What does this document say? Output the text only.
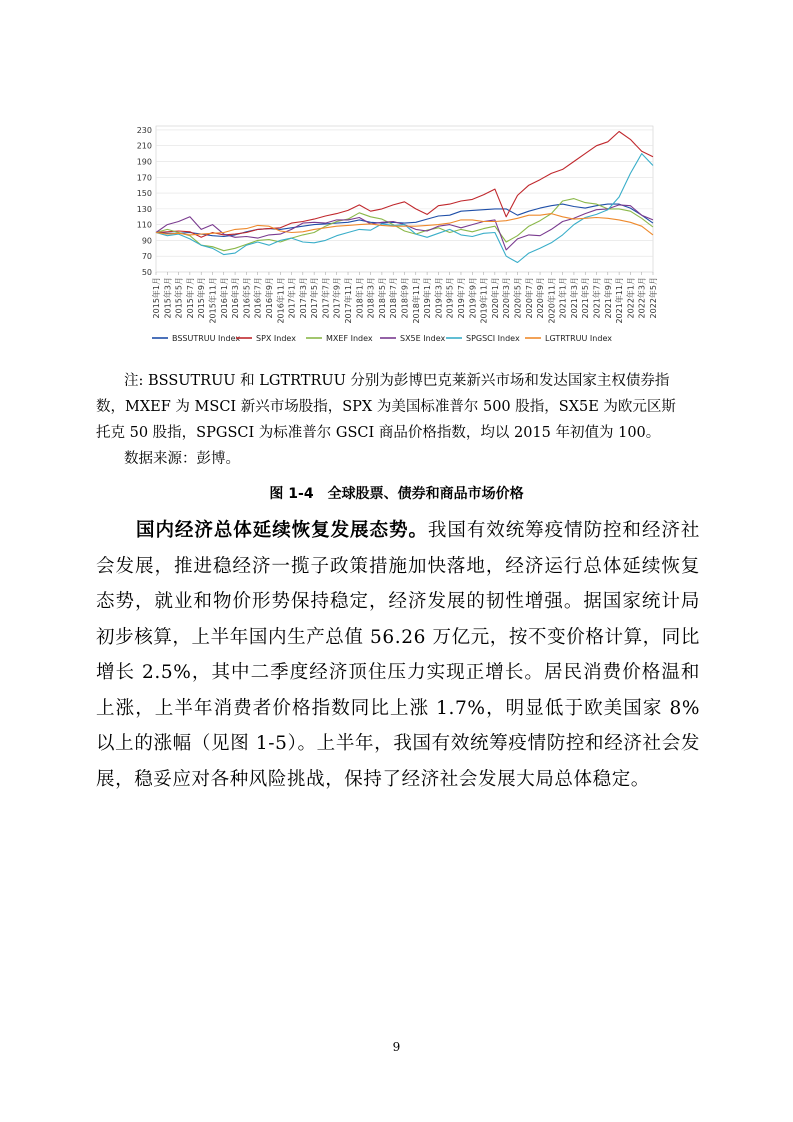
50
70
90
110
130
150
170
190
210
230
2015年1月 2015年3月 2015年5月 2015年7月 2015年9月 2015年11月 2016年1月 2016年3月 2016年5月 2016年7月 2016年9月 2016年11月 2017年1月 2017年3月 2017年5月 2017年7月 2017年9月 2017年11月 2018年1月 2018年3月 2018年5月 2018年7月 2018年9月 2018年11月 2019年1月 2019年3月 2019年5月 2019年7月 2019年9月 2019年11月 2020年1月 2020年3月 2020年5月 2020年7月 2020年9月 2020年11月 2021年1月 2021年3月 2021年5月 2021年7月 2021年9月 2021年11月 2022年1月 2022年3月 2022年5月
BSSUTRUU Index SPX Index	MXEF Index	SX5E Index	SPGSCI Index	LGTRTRUU Index

注: BSSUTRUU 和 LGTRTRUU 分别为彭博巴克莱新兴市场和发达国家主权债券指

数，MXEF 为 MSCI 新兴市场股指，SPX 为美国标准普尔 500 股指，SX5E 为欧元区斯

托克 50 股指，SPGSCI 为标准普尔 GSCI 商品价格指数，均以 2015 年初值为 100。

数据来源：彭博。

图 1-4　全球股票、债券和商品市场价格

国内经济总体延续恢复发展态势。我国有效统筹疫情防控和经济社会发展，推进稳经济一揽子政策措施加快落地，经济运行总体延续恢复态势，就业和物价形势保持稳定，经济发展的韧性增强。据国家统计局初步核算，上半年国内生产总值 56.26 万亿元，按不变价格计算，同比增长 2.5%，其中二季度经济顶住压力实现正增长。居民消费价格温和上涨，上半年消费者价格指数同比上涨 1.7%，明显低于欧美国家 8%以上的涨幅（见图 1-5）。上半年，我国有效统筹疫情防控和经济社会发展，稳妥应对各种风险挑战，保持了经济社会发展大局总体稳定。

9
